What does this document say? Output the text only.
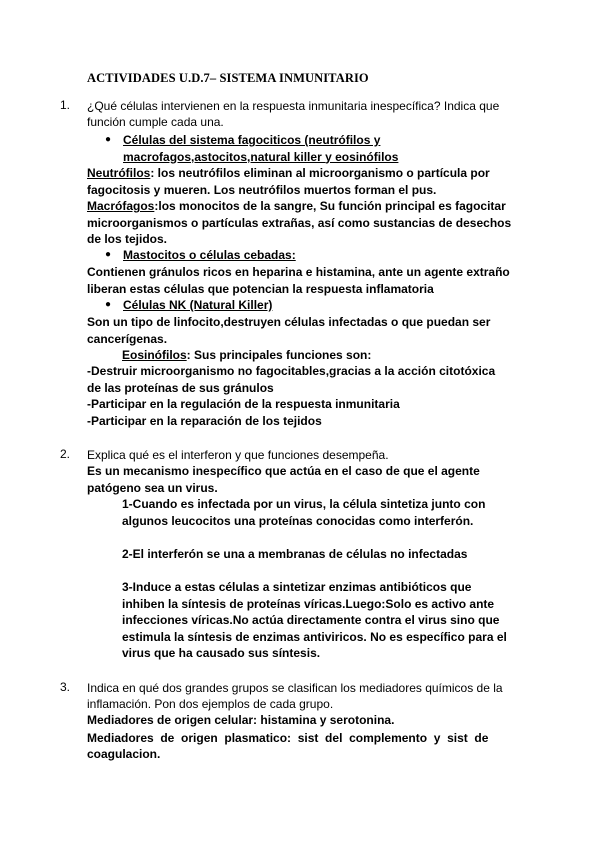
ACTIVIDADES U.D.7– SISTEMA INMUNITARIO
1. ¿Qué células intervienen en la respuesta inmunitaria inespecífica? Indica que
función cumple cada una.
● Células del sistema fagociticos (neutrófilos y
macrofagos,astocitos,natural killer y eosinófilos
Neutrófilos: los neutrófilos eliminan al microorganismo o partícula por
fagocitosis y mueren. Los neutrófilos muertos forman el pus.
Macrófagos:los monocitos de la sangre, Su función principal es fagocitar
microorganismos o partículas extrañas, así como sustancias de desechos
de los tejidos.
● Mastocitos o células cebadas:
Contienen gránulos ricos en heparina e histamina, ante un agente extraño
liberan estas células que potencian la respuesta inflamatoria
● Células NK (Natural Killer)
Son un tipo de linfocito,destruyen células infectadas o que puedan ser
cancerígenas.
Eosinófilos: Sus principales funciones son:
-Destruir microorganismo no fagocitables,gracias a la acción citotóxica
de las proteínas de sus gránulos
-Participar en la regulación de la respuesta inmunitaria
-Participar en la reparación de los tejidos
2. Explica qué es el interferon y que funciones desempeña.
Es un mecanismo inespecífico que actúa en el caso de que el agente
patógeno sea un virus.
1-Cuando es infectada por un virus, la célula sintetiza junto con
algunos leucocitos una proteínas conocidas como interferón.
2-El interferón se una a membranas de células no infectadas
3-Induce a estas células a sintetizar enzimas antibióticos que
inhiben la síntesis de proteínas víricas.Luego:Solo es activo ante
infecciones víricas.No actúa directamente contra el virus sino que
estimula la síntesis de enzimas antiviricos. No es específico para el
virus que ha causado sus síntesis.
3. Indica en qué dos grandes grupos se clasifican los mediadores químicos de la
inflamación. Pon dos ejemplos de cada grupo.
Mediadores de origen celular: histamina y serotonina.
Mediadores  de  origen  plasmatico:  sist  del  complemento  y  sist  de
coagulacion.
